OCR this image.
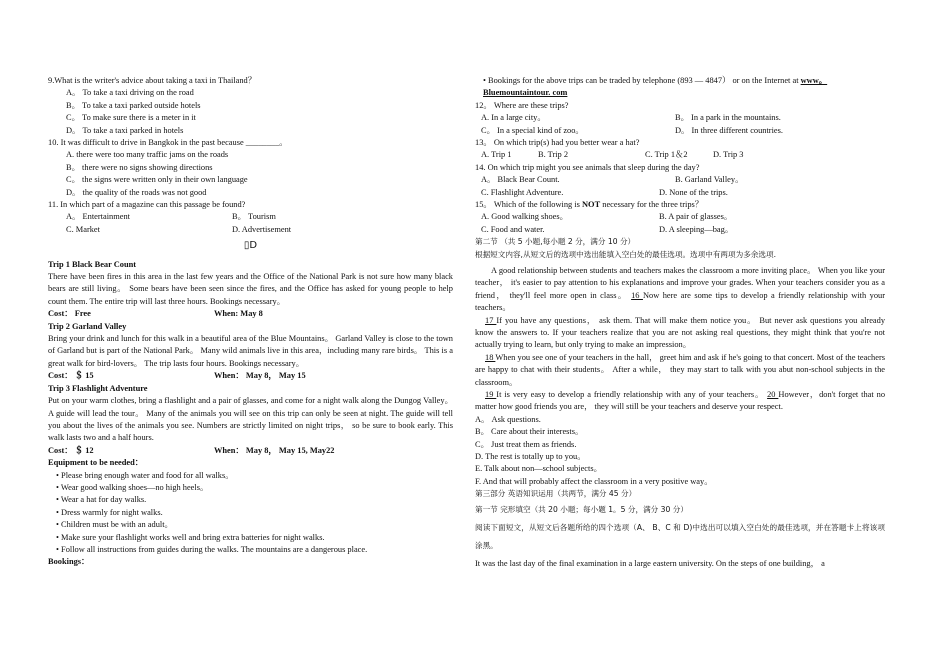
9.What is the writer's advice about taking a taxi in Thailand？
A。 To take a taxi driving on the road
B。 To take a taxi parked outside hotels
C。 To make sure there is a meter in it
D。 To take a taxi parked in hotels
10. It was difficult to drive in Bangkok in the past because ________。
A. there were too many traffic jams on the roads
B。 there were no signs showing directions
C。 the signs were written only in their own language
D。 the quality of the roads was not good
11. In which part of a magazine can this passage be found?
A。 Entertainment	B。 Tourism
C. Market	D. Advertisement
▯D
Trip 1 Black Bear Count
There have been fires in this area in the last few years and the Office of the National Park is not sure how many black bears are still living。 Some bears have been seen since the fires, and the Office has asked for young people to help count them. The entire trip will last three hours. Bookings necessary。
Cost： Free	When: May 8
Trip 2 Garland Valley
Bring your drink and lunch for this walk in a beautiful area of the Blue Mountains。 Garland Valley is close to the town of Garland but is part of the National Park。 Many wild animals live in this area，including many rare birds。 This is a great walk for bird-lovers。 The trip lasts four hours. Bookings necessary。
Cost： ＄ 15	When： May 8， May 15
Trip 3 Flashlight Adventure
Put on your warm clothes, bring a flashlight and a pair of glasses, and come for a night walk along the Dungog Valley。 A guide will lead the tour。 Many of the animals you will see on this trip can only be seen at night. The guide will tell you about the lives of the animals you see. Numbers are strictly limited on night trips， so be sure to book early. This walk lasts two and a half hours.
Cost： ＄ 12	When： May 8， May 15, May22
Equipment to be needed：
• Please bring enough water and food for all walks。
• Wear good walking shoes—no high heels。
• Wear a hat for day walks.
• Dress warmly for night walks.
• Children must be with an adult。
• Make sure your flashlight works well and bring extra batteries for night walks.
• Follow all instructions from guides during the walks. The mountains are a dangerous place.
Bookings：
• Bookings for the above trips can be traded by telephone (893 — 4847） or on the Internet at www。
Bluemountaintour. com
12。 Where are these trips?
A. In a large city。	B。 In a park in the mountains.
C。 In a special kind of zoo。	D。 In three different countries.
13。 On which trip(s) had you better wear a hat?
A. Trip 1	B. Trip 2	C. Trip 1＆2	D. Trip 3
14. On which trip might you see animals that sleep during the day?
A。 Black Bear Count.	B. Garland Valley。
C. Flashlight Adventure.	D. None of the trips.
15。 Which of the following is NOT necessary for the three trips？
A. Good walking shoes。	B. A pair of glasses。
C. Food and water.	D. A sleeping—bag。
第二节 （共 5 小题,每小题 2 分，满分 10 分）
根据短文内容,从短文后的选项中选出能填入空白处的最佳选项。选项中有两项为多余选项.
A good relationship between students and teachers makes the classroom a more inviting place。 When you like your teacher， it's easier to pay attention to his explanations and improve your grades. When your teachers consider you as a friend， they'll feel more open in class。 16 Now here are some tips to develop a friendly relationship with your teachers。
17 If you have any questions， ask them. That will make them notice you。 But never ask questions you already know the answers to. If your teachers realize that you are not asking real questions, they might think that you're not actually trying to learn, but only trying to make an impression。
18 When you see one of your teachers in the hall， greet him and ask if he's going to that concert. Most of the teachers are happy to chat with their students。 After a while， they may start to talk with you abut non-school subjects in the classroom。
19 It is very easy to develop a friendly relationship with any of your teachers。 20 However，don't forget that no matter how good friends you are， they will still be your teachers and deserve your respect.
A。 Ask questions.
B。 Care about their interests。
C。 Just treat them as friends.
D. The rest is totally up to you。
E. Talk about non—school subjects。
F. And that will probably affect the classroom in a very positive way。
第三部分 英语知识运用（共两节，满分 45 分）
第一节 完形填空（共 20 小题；每小题 1。5 分，满分 30 分）
阅读下面短文，从短文后各题所给的四个选项（A、 B、C 和 D)中选出可以填入空白处的最佳选项，并在答题卡上将该项涂黑。
It was the last day of the final examination in a large eastern university. On the steps of one building， a
